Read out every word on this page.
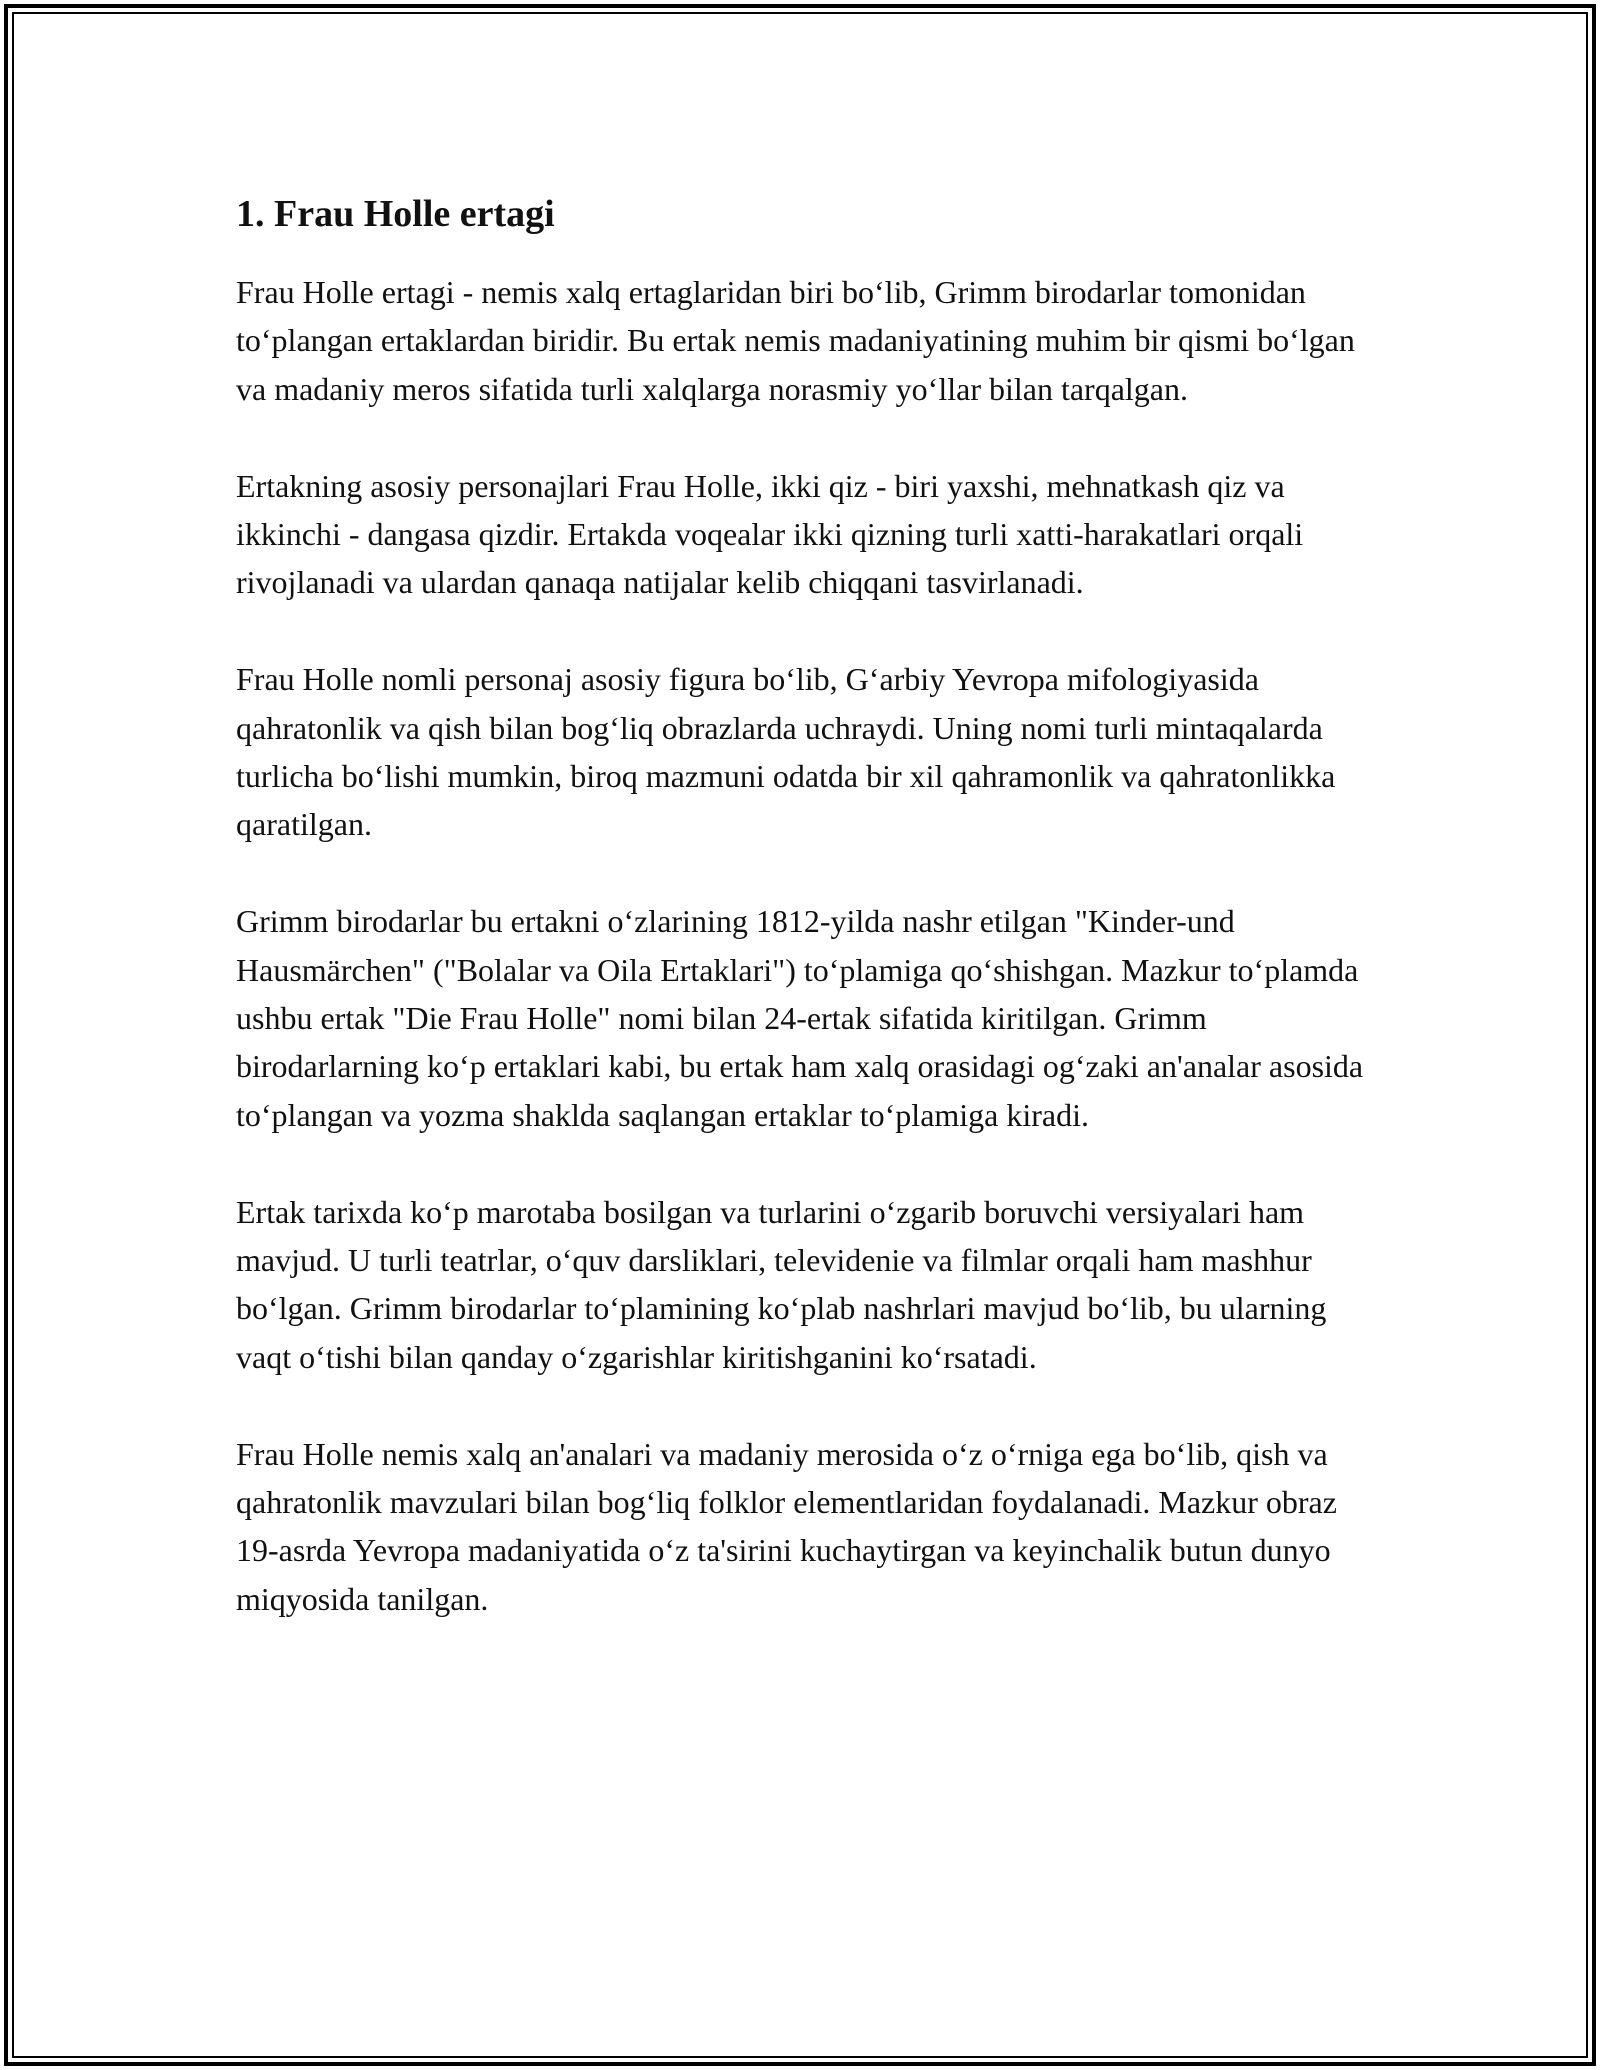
1. Frau Holle ertagi

Frau Holle ertagi - nemis xalq ertaglaridan biri bo‘lib, Grimm birodarlar tomonidan to‘plangan ertaklardan biridir. Bu ertak nemis madaniyatining muhim bir qismi bo‘lgan va madaniy meros sifatida turli xalqlarga norasmiy yo‘llar bilan tarqalgan.

Ertakning asosiy personajlari Frau Holle, ikki qiz - biri yaxshi, mehnatkash qiz va ikkinchi - dangasa qizdir. Ertakda voqealar ikki qizning turli xatti-harakatlari orqali rivojlanadi va ulardan qanaqa natijalar kelib chiqqani tasvirlanadi.

Frau Holle nomli personaj asosiy figura bo‘lib, G‘arbiy Yevropa mifologiyasida qahratonlik va qish bilan bog‘liq obrazlarda uchraydi. Uning nomi turli mintaqalarda turlicha bo‘lishi mumkin, biroq mazmuni odatda bir xil qahramonlik va qahratonlikka qaratilgan.

Grimm birodarlar bu ertakni o‘zlarining 1812-yilda nashr etilgan "Kinder-und Hausmärchen" ("Bolalar va Oila Ertaklari") to‘plamiga qo‘shishgan. Mazkur to‘plamda ushbu ertak "Die Frau Holle" nomi bilan 24-ertak sifatida kiritilgan. Grimm birodarlarning ko‘p ertaklari kabi, bu ertak ham xalq orasidagi og‘zaki an'analar asosida to‘plangan va yozma shaklda saqlangan ertaklar to‘plamiga kiradi.

Ertak tarixda ko‘p marotaba bosilgan va turlarini o‘zgarib boruvchi versiyalari ham mavjud. U turli teatrlar, o‘quv darsliklari, televidenie va filmlar orqali ham mashhur bo‘lgan. Grimm birodarlar to‘plamining ko‘plab nashrlari mavjud bo‘lib, bu ularning vaqt o‘tishi bilan qanday o‘zgarishlar kiritishganini ko‘rsatadi.

Frau Holle nemis xalq an'analari va madaniy merosida o‘z o‘rniga ega bo‘lib, qish va qahratonlik mavzulari bilan bog‘liq folklor elementlaridan foydalanadi. Mazkur obraz 19-asrda Yevropa madaniyatida o‘z ta'sirini kuchaytirgan va keyinchalik butun dunyo miqyosida tanilgan.
